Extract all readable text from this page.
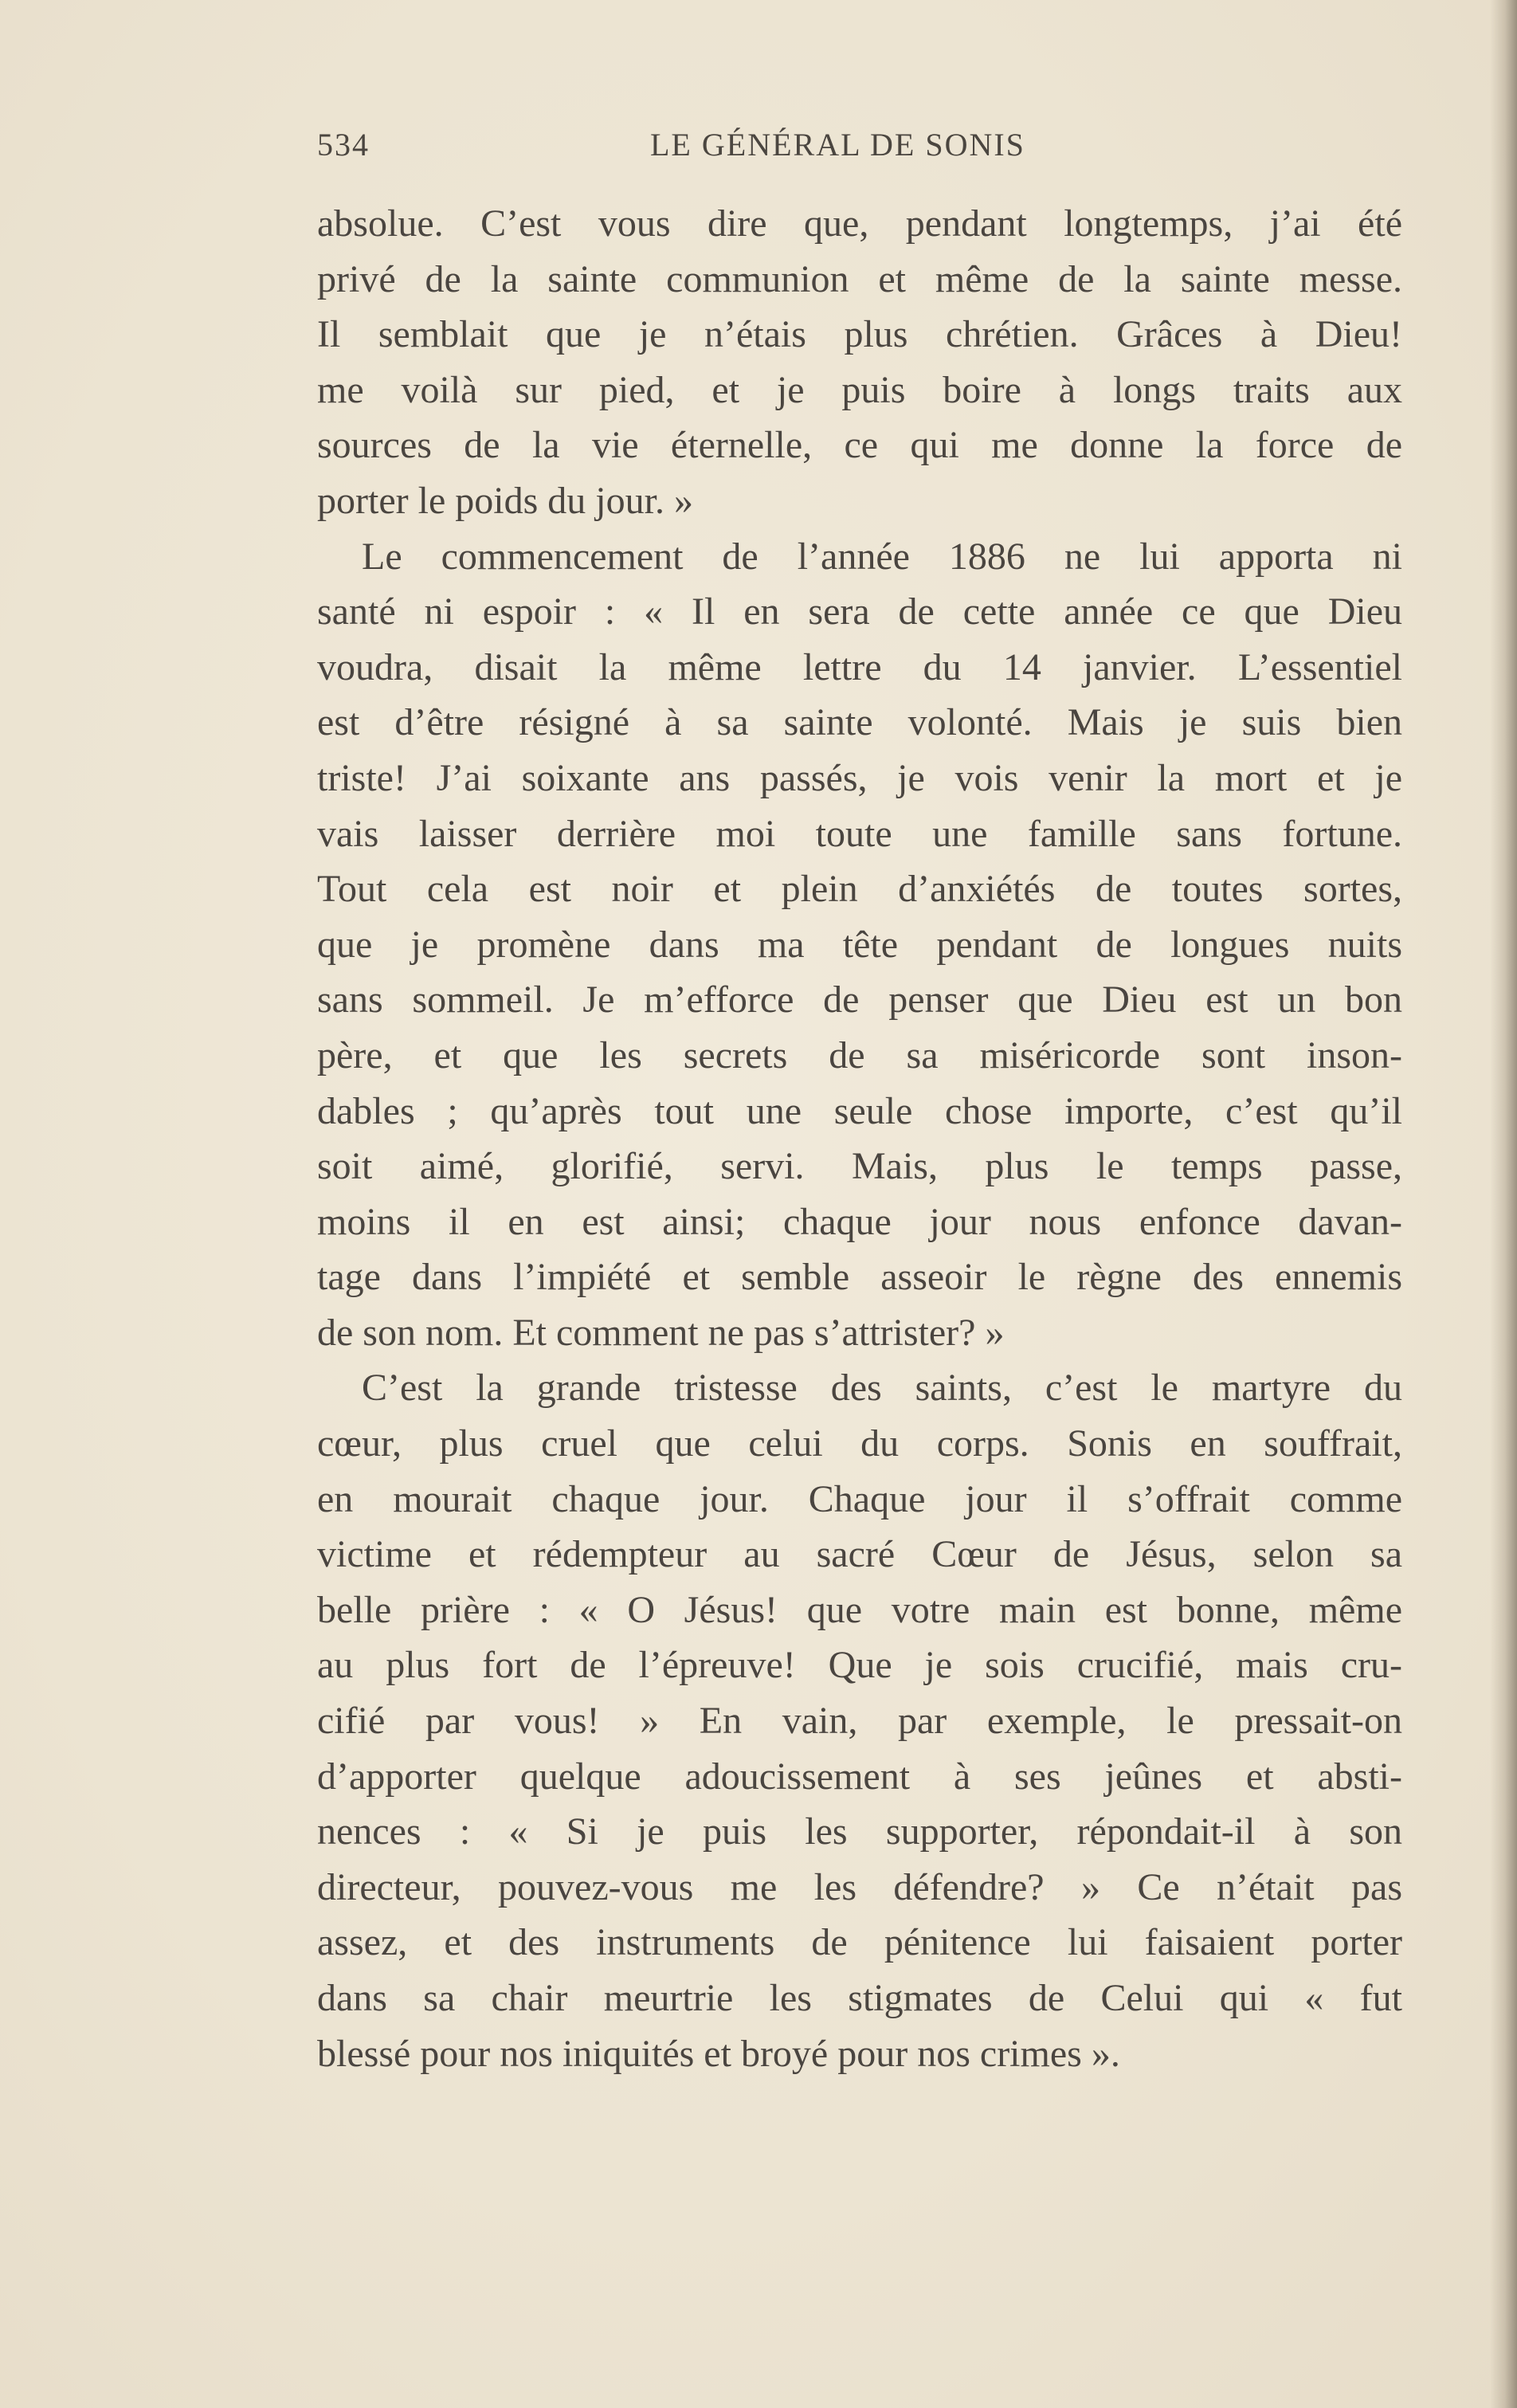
534	LE GÉNÉRAL DE SONIS
absolue. C’est vous dire que, pendant longtemps, j’ai été
privé de la sainte communion et même de la sainte messe.
Il semblait que je n’étais plus chrétien. Grâces à Dieu!
me voilà sur pied, et je puis boire à longs traits aux
sources de la vie éternelle, ce qui me donne la force de
porter le poids du jour. »
Le commencement de l’année 1886 ne lui apporta ni
santé ni espoir : « Il en sera de cette année ce que Dieu
voudra, disait la même lettre du 14 janvier. L’essentiel
est d’être résigné à sa sainte volonté. Mais je suis bien
triste! J’ai soixante ans passés, je vois venir la mort et je
vais laisser derrière moi toute une famille sans fortune.
Tout cela est noir et plein d’anxiétés de toutes sortes,
que je promène dans ma tête pendant de longues nuits
sans sommeil. Je m’efforce de penser que Dieu est un bon
père, et que les secrets de sa miséricorde sont inson-
dables ; qu’après tout une seule chose importe, c’est qu’il
soit aimé, glorifié, servi. Mais, plus le temps passe,
moins il en est ainsi; chaque jour nous enfonce davan-
tage dans l’impiété et semble asseoir le règne des ennemis
de son nom. Et comment ne pas s’attrister? »
C’est la grande tristesse des saints, c’est le martyre du
cœur, plus cruel que celui du corps. Sonis en souffrait,
en mourait chaque jour. Chaque jour il s’offrait comme
victime et rédempteur au sacré Cœur de Jésus, selon sa
belle prière : « O Jésus! que votre main est bonne, même
au plus fort de l’épreuve! Que je sois crucifié, mais cru-
cifié par vous! » En vain, par exemple, le pressait-on
d’apporter quelque adoucissement à ses jeûnes et absti-
nences : « Si je puis les supporter, répondait-il à son
directeur, pouvez-vous me les défendre? » Ce n’était pas
assez, et des instruments de pénitence lui faisaient porter
dans sa chair meurtrie les stigmates de Celui qui « fut
blessé pour nos iniquités et broyé pour nos crimes ».
